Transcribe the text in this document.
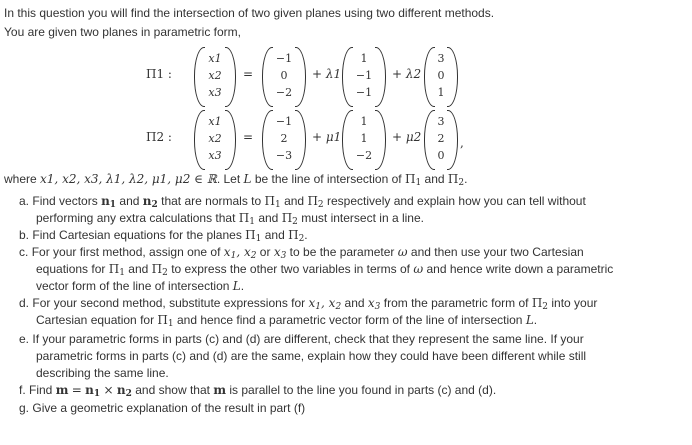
In this question you will find the intersection of two given planes using two different methods.
You are given two planes in parametric form,
Π1 :
x1
x2
x3
=
−1
0
−2
+ λ1
1
−1
−1
+ λ2
3
0
1
Π2 :
x1
x2
x3
=
−1
2
−3
+ μ1
1
1
−2
+ μ2
3
2
0
,
where x1, x2, x3, λ1, λ2, μ1, μ2 ∈ ℝ. Let L be the line of intersection of $\Pi_1$ and $\Pi_2$.
a. Find vectors $n_1$ and $n_2$ that are normals to $\Pi_1$ and $\Pi_2$ respectively and explain how you can tell without
performing any extra calculations that $\Pi_1$ and $\Pi_2$ must intersect in a line.
b. Find Cartesian equations for the planes $\Pi_1$ and $\Pi_2$.
c. For your first method, assign one of $x_1$, $x_2$ or $x_3$ to be the parameter ω and then use your two Cartesian
equations for $\Pi_1$ and $\Pi_2$ to express the other two variables in terms of ω and hence write down a parametric
vector form of the line of intersection L.
d. For your second method, substitute expressions for $x_1$, $x_2$ and $x_3$ from the parametric form of $\Pi_2$ into your
Cartesian equation for $\Pi_1$ and hence find a parametric vector form of the line of intersection L.
e. If your parametric forms in parts (c) and (d) are different, check that they represent the same line. If your
parametric forms in parts (c) and (d) are the same, explain how they could have been different while still
describing the same line.
f. Find $m = n_1 \times n_2$ and show that m is parallel to the line you found in parts (c) and (d).
g. Give a geometric explanation of the result in part (f)
